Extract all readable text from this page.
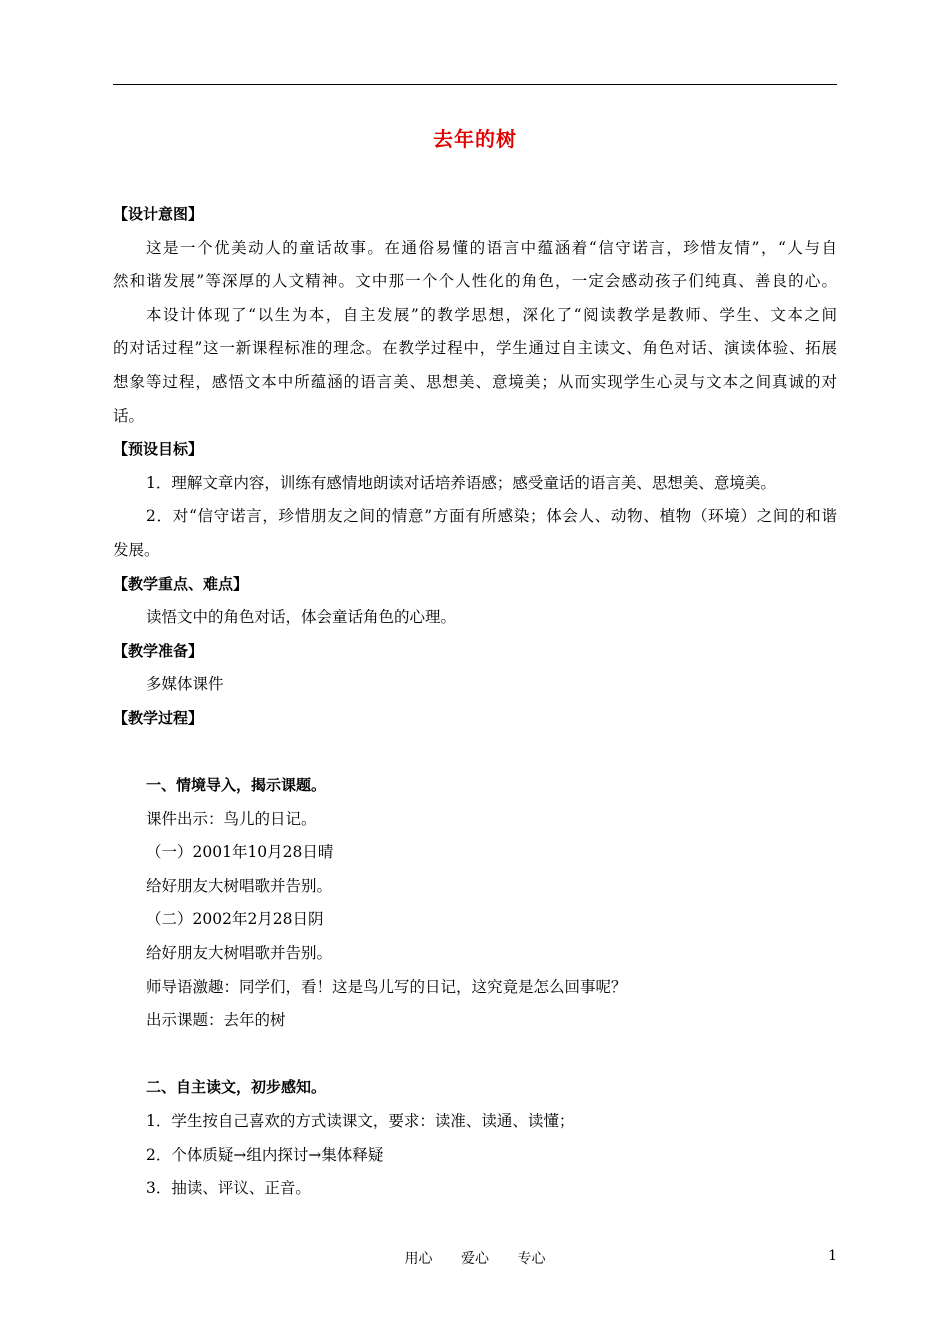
去年的树
【设计意图】
这是一个优美动人的童话故事。在通俗易懂的语言中蕴涵着“信守诺言，珍惜友情”，“人与自
然和谐发展”等深厚的人文精神。文中那一个个人性化的角色，一定会感动孩子们纯真、善良的心。
本设计体现了“以生为本，自主发展”的教学思想，深化了“阅读教学是教师、学生、文本之间
的对话过程”这一新课程标准的理念。在教学过程中，学生通过自主读文、角色对话、演读体验、拓展
想象等过程，感悟文本中所蕴涵的语言美、思想美、意境美；从而实现学生心灵与文本之间真诚的对
话。
【预设目标】
1．理解文章内容，训练有感情地朗读对话培养语感；感受童话的语言美、思想美、意境美。
2．对“信守诺言，珍惜朋友之间的情意”方面有所感染；体会人、动物、植物（环境）之间的和谐
发展。
【教学重点、难点】
读悟文中的角色对话，体会童话角色的心理。
【教学准备】
多媒体课件
【教学过程】
一、情境导入，揭示课题。
课件出示：鸟儿的日记。
（一）2001年10月28日晴
给好朋友大树唱歌并告别。
（二）2002年2月28日阴
给好朋友大树唱歌并告别。
师导语激趣：同学们，看！这是鸟儿写的日记，这究竟是怎么回事呢？
出示课题：去年的树
二、自主读文，初步感知。
1．学生按自己喜欢的方式读课文，要求：读准、读通、读懂；
2．个体质疑→组内探讨→集体释疑
3．抽读、评议、正音。
用心 爱心 专心	1
